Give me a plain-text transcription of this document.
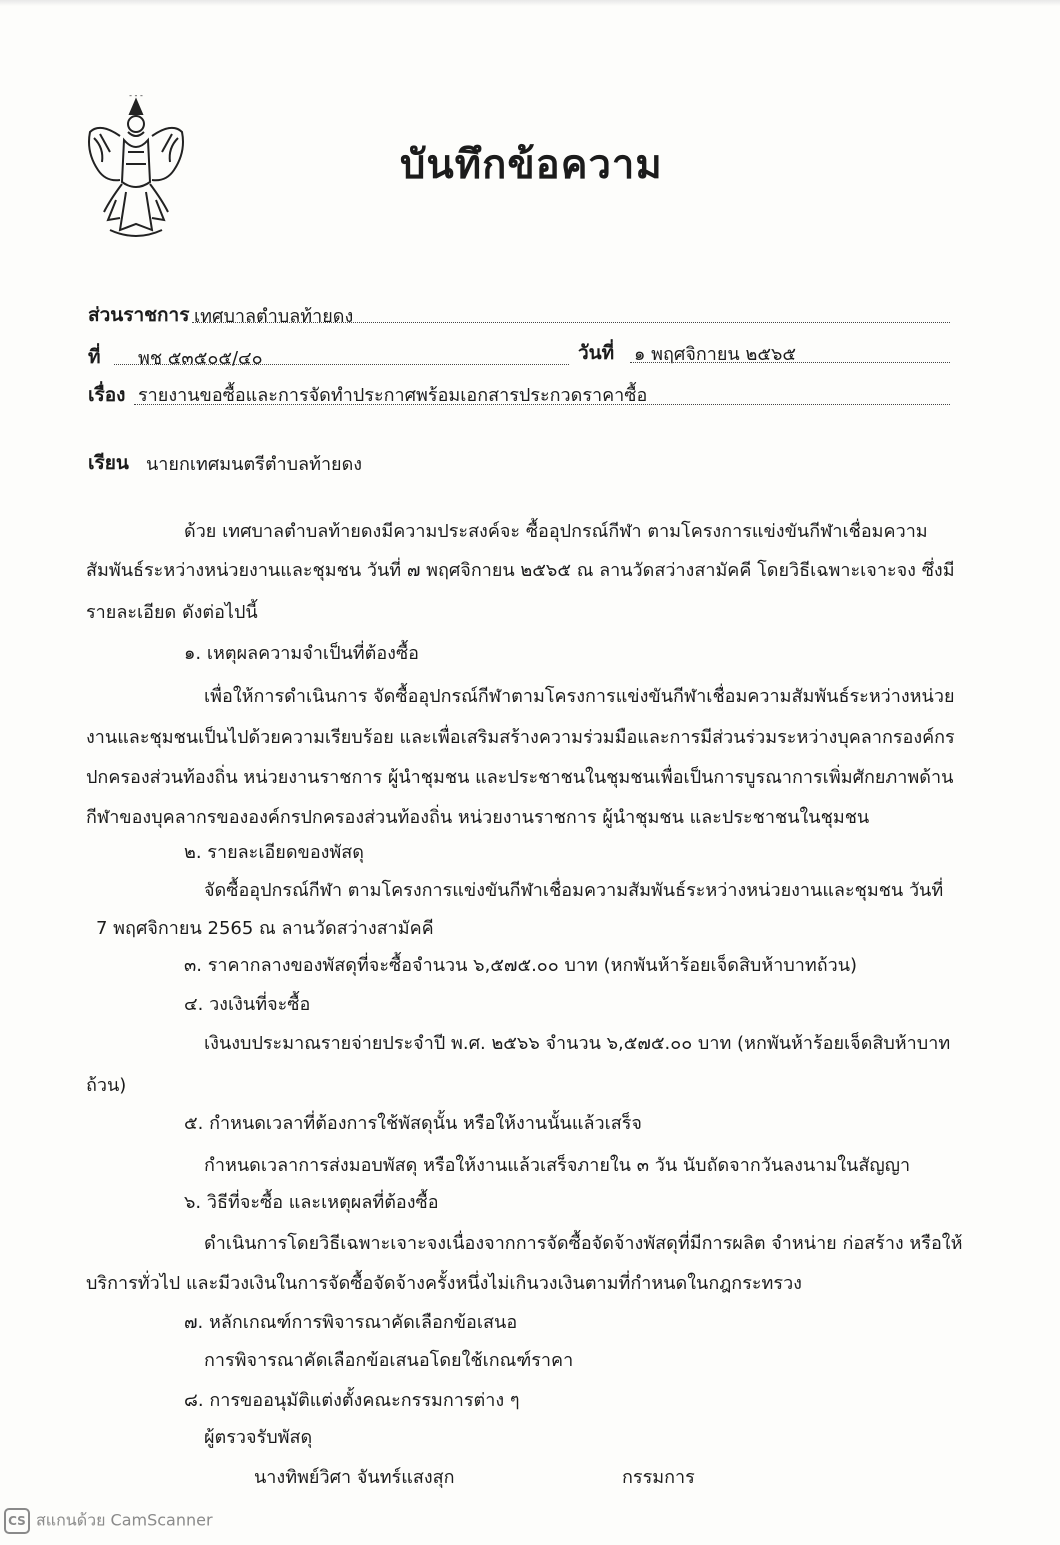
- - -
บันทึกข้อความ
ส่วนราชการ เทศบาลตำบลท้ายดง
ที่ พช ๕๓๕๐๕/๔๐	วันที่ ๑ พฤศจิกายน ๒๕๖๕
เรื่อง รายงานขอซื้อและการจัดทำประกาศพร้อมเอกสารประกวดราคาซื้อ
เรียน นายกเทศมนตรีตำบลท้ายดง
ด้วย เทศบาลตำบลท้ายดงมีความประสงค์จะ ซื้ออุปกรณ์กีฬา ตามโครงการแข่งขันกีฬาเชื่อมความ
สัมพันธ์ระหว่างหน่วยงานและชุมชน วันที่ ๗ พฤศจิกายน ๒๕๖๕ ณ ลานวัดสว่างสามัคคี โดยวิธีเฉพาะเจาะจง ซึ่งมี
รายละเอียด ดังต่อไปนี้
๑. เหตุผลความจำเป็นที่ต้องซื้อ
เพื่อให้การดำเนินการ จัดซื้ออุปกรณ์กีฬาตามโครงการแข่งขันกีฬาเชื่อมความสัมพันธ์ระหว่างหน่วย
งานและชุมชนเป็นไปด้วยความเรียบร้อย และเพื่อเสริมสร้างความร่วมมือและการมีส่วนร่วมระหว่างบุคลากรองค์กร
ปกครองส่วนท้องถิ่น หน่วยงานราชการ ผู้นำชุมชน และประชาชนในชุมชนเพื่อเป็นการบูรณาการเพิ่มศักยภาพด้าน
กีฬาของบุคลากรขององค์กรปกครองส่วนท้องถิ่น หน่วยงานราชการ ผู้นำชุมชน และประชาชนในชุมชน
๒. รายละเอียดของพัสดุ
จัดซื้ออุปกรณ์กีฬา ตามโครงการแข่งขันกีฬาเชื่อมความสัมพันธ์ระหว่างหน่วยงานและชุมชน วันที่
7 พฤศจิกายน 2565 ณ ลานวัดสว่างสามัคคี
๓. ราคากลางของพัสดุที่จะซื้อจำนวน ๖,๕๗๕.๐๐ บาท (หกพันห้าร้อยเจ็ดสิบห้าบาทถ้วน)
๔. วงเงินที่จะซื้อ
เงินงบประมาณรายจ่ายประจำปี พ.ศ. ๒๕๖๖ จำนวน ๖,๕๗๕.๐๐ บาท (หกพันห้าร้อยเจ็ดสิบห้าบาท
ถ้วน)
๕. กำหนดเวลาที่ต้องการใช้พัสดุนั้น หรือให้งานนั้นแล้วเสร็จ
กำหนดเวลาการส่งมอบพัสดุ หรือให้งานแล้วเสร็จภายใน ๓ วัน นับถัดจากวันลงนามในสัญญา
๖. วิธีที่จะซื้อ และเหตุผลที่ต้องซื้อ
ดำเนินการโดยวิธีเฉพาะเจาะจงเนื่องจากการจัดซื้อจัดจ้างพัสดุที่มีการผลิต จำหน่าย ก่อสร้าง หรือให้
บริการทั่วไป และมีวงเงินในการจัดซื้อจัดจ้างครั้งหนึ่งไม่เกินวงเงินตามที่กำหนดในกฎกระทรวง
๗. หลักเกณฑ์การพิจารณาคัดเลือกข้อเสนอ
การพิจารณาคัดเลือกข้อเสนอโดยใช้เกณฑ์ราคา
๘. การขออนุมัติแต่งตั้งคณะกรรมการต่าง ๆ
ผู้ตรวจรับพัสดุ
นางทิพย์วิศา จันทร์แสงสุก	กรรมการ
CS สแกนด้วย CamScanner
